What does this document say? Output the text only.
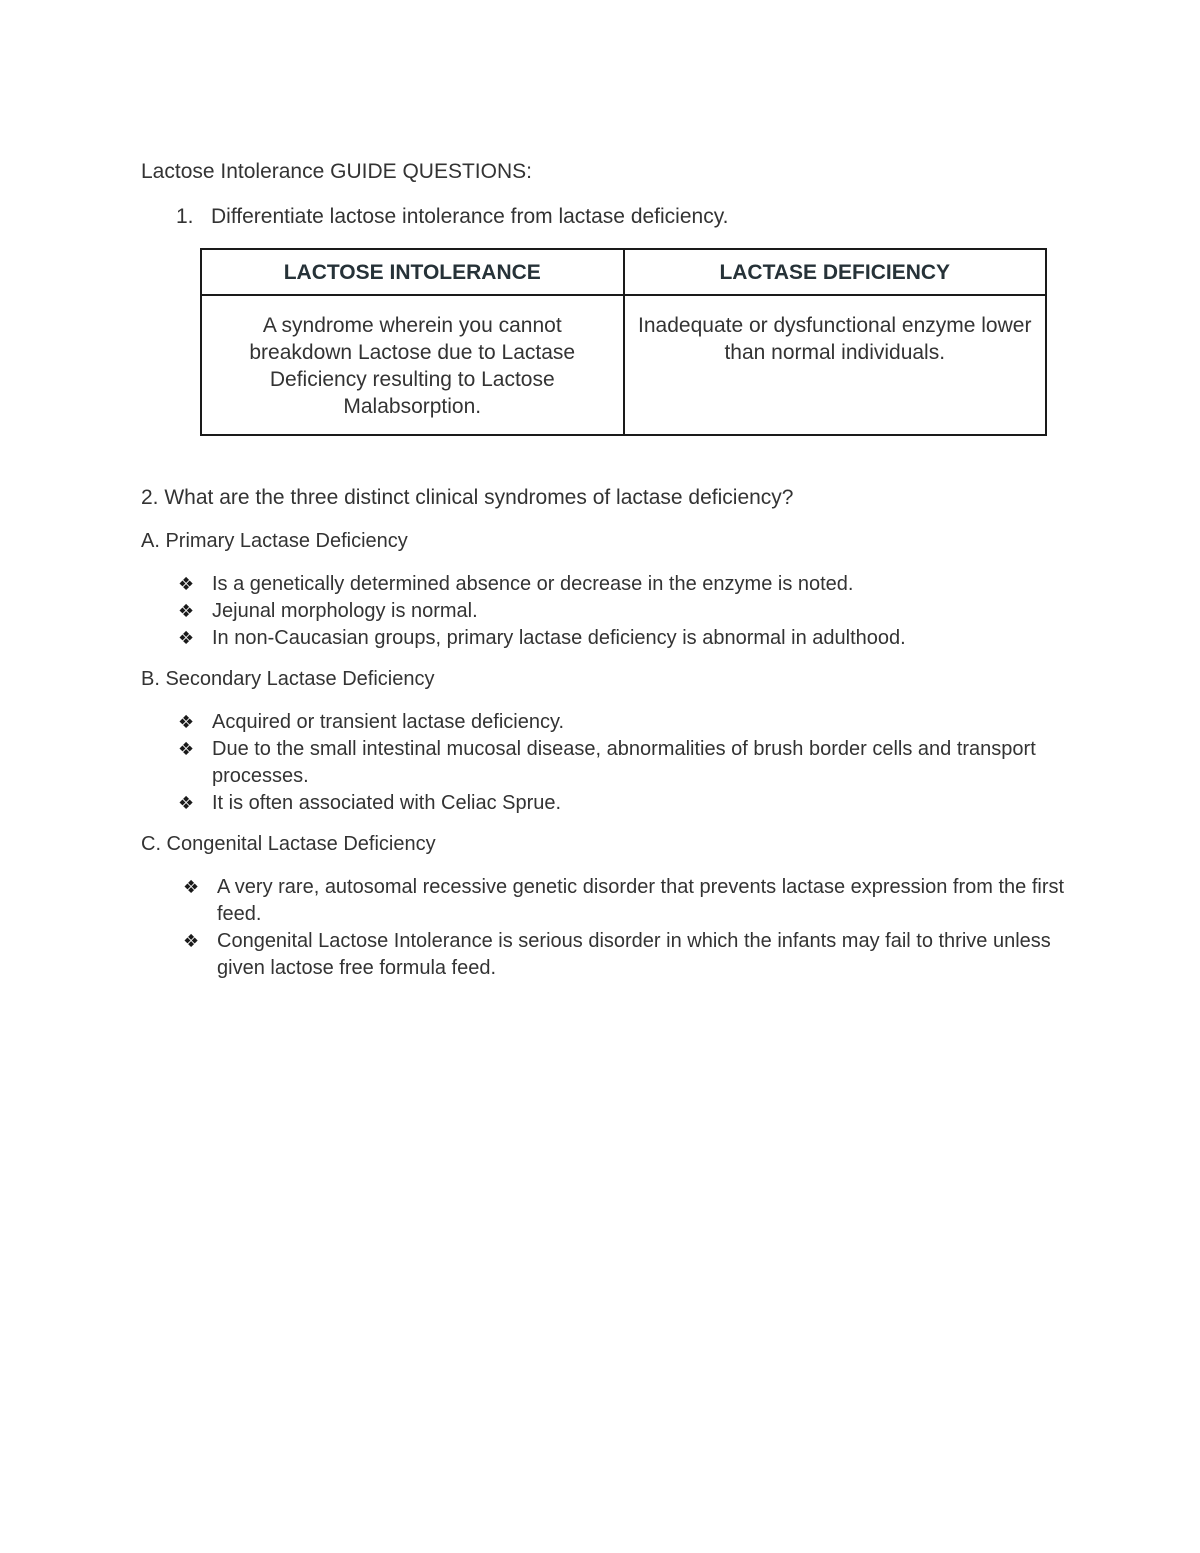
Lactose Intolerance GUIDE QUESTIONS:
1. Differentiate lactose intolerance from lactase deficiency.
LACTOSE INTOLERANCE	LACTASE DEFICIENCY
A syndrome wherein you cannot breakdown Lactose due to Lactase Deficiency resulting to Lactose Malabsorption.	Inadequate or dysfunctional enzyme lower than normal individuals.
2. What are the three distinct clinical syndromes of lactase deficiency?
A. Primary Lactase Deficiency
❖ Is a genetically determined absence or decrease in the enzyme is noted.
❖ Jejunal morphology is normal.
❖ In non-Caucasian groups, primary lactase deficiency is abnormal in adulthood.
B. Secondary Lactase Deficiency
❖ Acquired or transient lactase deficiency.
❖ Due to the small intestinal mucosal disease, abnormalities of brush border cells and transport processes.
❖ It is often associated with Celiac Sprue.
C. Congenital Lactase Deficiency
❖ A very rare, autosomal recessive genetic disorder that prevents lactase expression from the first feed.
❖ Congenital Lactose Intolerance is serious disorder in which the infants may fail to thrive unless given lactose free formula feed.
